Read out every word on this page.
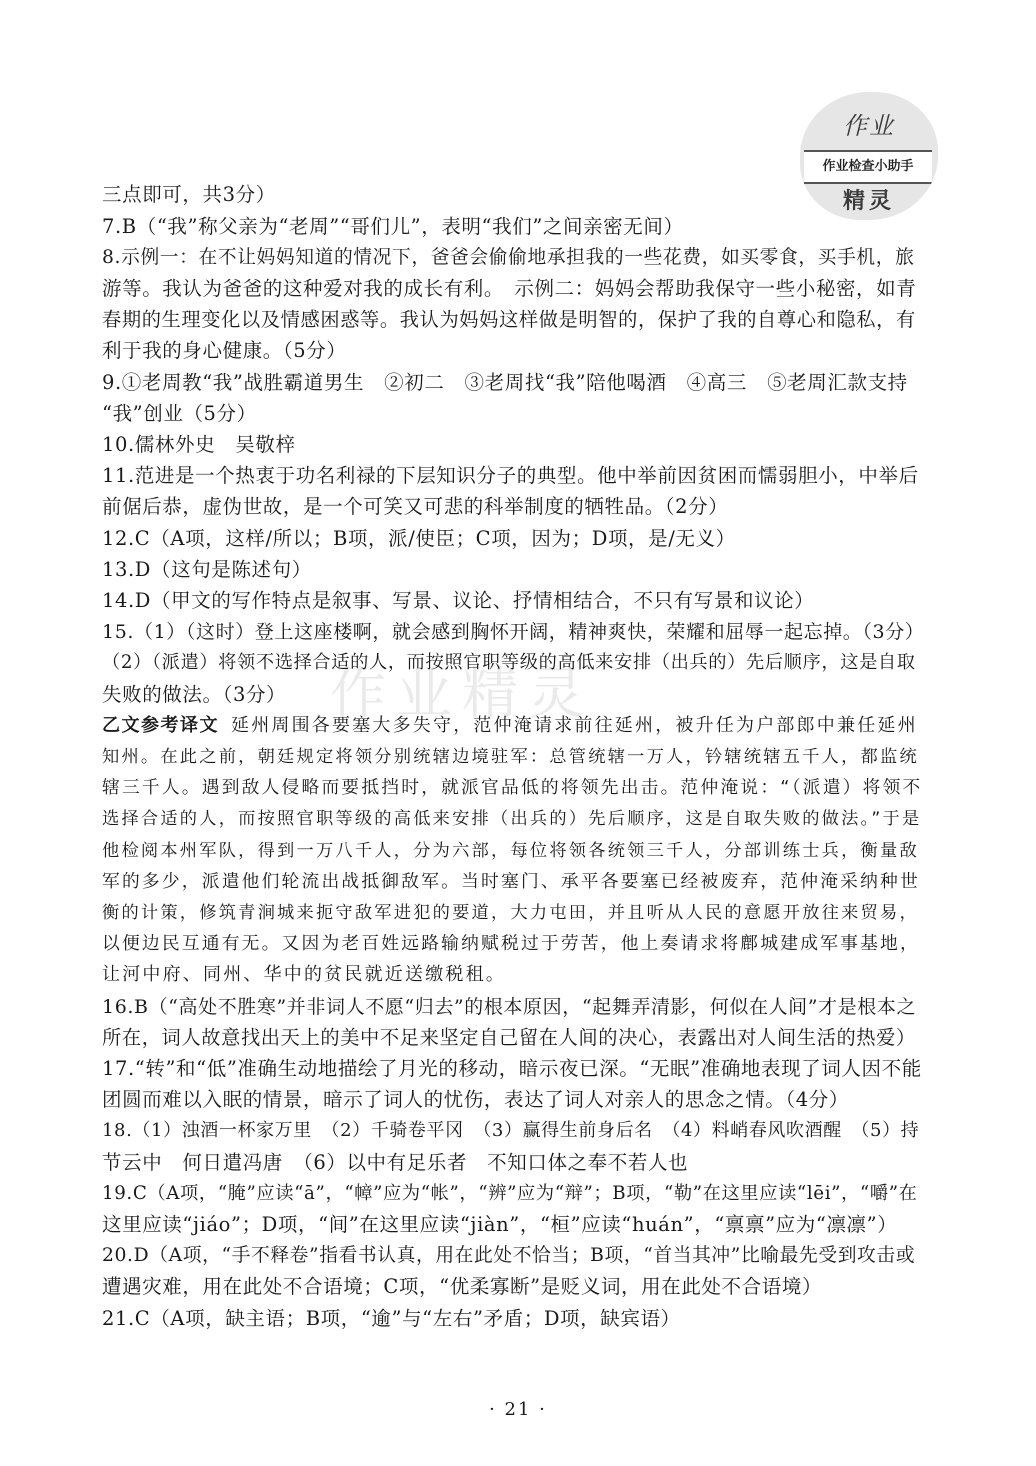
作业
作业检查小助手
精灵
作业精灵
三点即可，共3分）
7.B（“我”称父亲为“老周”“哥们儿”，表明“我们”之间亲密无间）
8.示例一：在不让妈妈知道的情况下，爸爸会偷偷地承担我的一些花费，如买零食，买手机，旅
游等。我认为爸爸的这种爱对我的成长有利。　示例二：妈妈会帮助我保守一些小秘密，如青
春期的生理变化以及情感困惑等。我认为妈妈这样做是明智的，保护了我的自尊心和隐私，有
利于我的身心健康。（5分）
9.①老周教“我”战胜霸道男生　②初二　③老周找“我”陪他喝酒　④高三　⑤老周汇款支持
“我”创业（5分）
10.儒林外史　吴敬梓
11.范进是一个热衷于功名利禄的下层知识分子的典型。他中举前因贫困而懦弱胆小，中举后
前倨后恭，虚伪世故，是一个可笑又可悲的科举制度的牺牲品。（2分）
12.C（A项，这样/所以；B项，派/使臣；C项，因为；D项，是/无义）
13.D（这句是陈述句）
14.D（甲文的写作特点是叙事、写景、议论、抒情相结合，不只有写景和议论）
15.（1）（这时）登上这座楼啊，就会感到胸怀开阔，精神爽快，荣耀和屈辱一起忘掉。（3分）
（2）（派遣）将领不选择合适的人，而按照官职等级的高低来安排（出兵的）先后顺序，这是自取
失败的做法。（3分）
乙文参考译文 延州周围各要塞大多失守，范仲淹请求前往延州，被升任为户部郎中兼任延州
知州。在此之前，朝廷规定将领分别统辖边境驻军：总管统辖一万人，钤辖统辖五千人，都监统
辖三千人。遇到敌人侵略而要抵挡时，就派官品低的将领先出击。范仲淹说：“（派遣）将领不
选择合适的人，而按照官职等级的高低来安排（出兵的）先后顺序，这是自取失败的做法。”于是
他检阅本州军队，得到一万八千人，分为六部，每位将领各统领三千人，分部训练士兵，衡量敌
军的多少，派遣他们轮流出战抵御敌军。当时塞门、承平各要塞已经被废弃，范仲淹采纳种世
衡的计策，修筑青涧城来扼守敌军进犯的要道，大力屯田，并且听从人民的意愿开放往来贸易，
以便边民互通有无。又因为老百姓远路输纳赋税过于劳苦，他上奏请求将鄜城建成军事基地，
让河中府、同州、华中的贫民就近送缴税租。
16.B（“高处不胜寒”并非词人不愿“归去”的根本原因，“起舞弄清影，何似在人间”才是根本之
所在，词人故意找出天上的美中不足来坚定自己留在人间的决心，表露出对人间生活的热爱）
17.“转”和“低”准确生动地描绘了月光的移动，暗示夜已深。“无眠”准确地表现了词人因不能
团圆而难以入眠的情景，暗示了词人的忧伤，表达了词人对亲人的思念之情。（4分）
18.（1）浊酒一杯家万里　（2）千骑卷平冈　（3）赢得生前身后名　（4）料峭春风吹酒醒　（5）持
节云中　何日遣冯唐　（6）以中有足乐者　不知口体之奉不若人也
19.C（A项，“腌”应读“ā”，“幛”应为“帐”，“辨”应为“辩”；B项，“勒”在这里应读“lēi”，“嚼”在
这里应读“jiáo”；D项，“间”在这里应读“jiàn”，“桓”应读“huán”，“禀禀”应为“凛凛”）
20.D（A项，“手不释卷”指看书认真，用在此处不恰当；B项，“首当其冲”比喻最先受到攻击或
遭遇灾难，用在此处不合语境；C项，“优柔寡断”是贬义词，用在此处不合语境）
21.C（A项，缺主语；B项，“逾”与“左右”矛盾；D项，缺宾语）
· 21 ·
